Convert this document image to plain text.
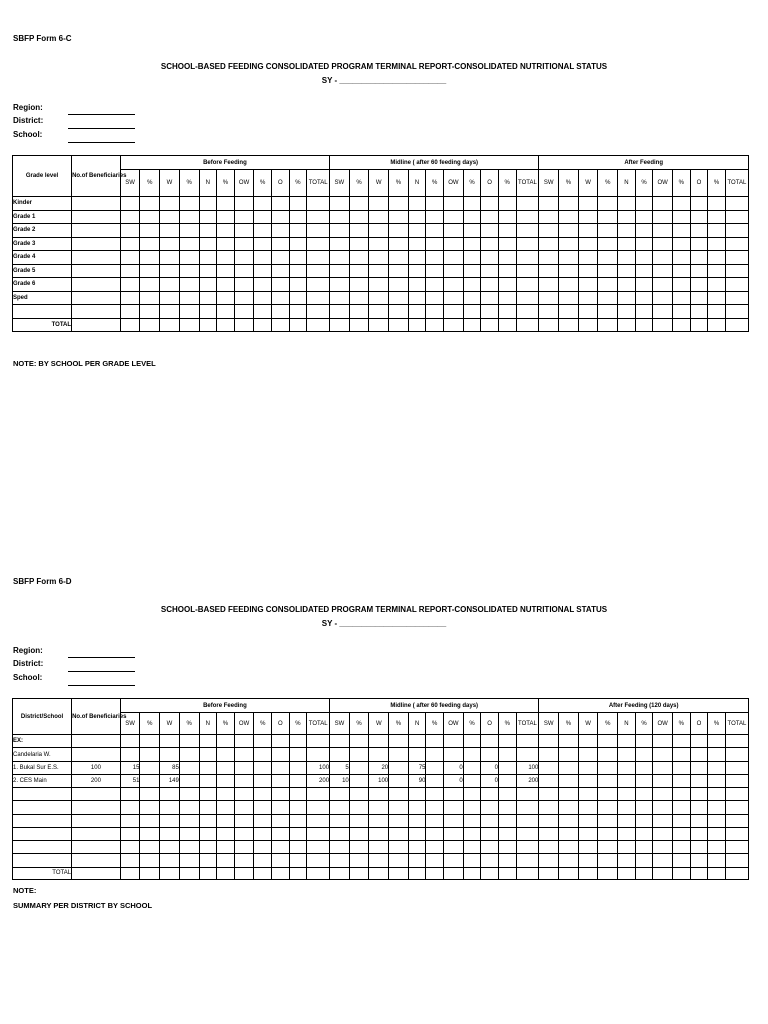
SBFP Form 6-C
SCHOOL-BASED FEEDING CONSOLIDATED PROGRAM TERMINAL REPORT-CONSOLIDATED NUTRITIONAL STATUS
SY - ________________________
Region:
District:
School:
Grade level	No.of Beneficiaries	Before Feeding											Midline ( after 60 feeding days)											After Feeding										
		SW	%	W	%	N	%	OW	%	O	%	TOTAL	SW	%	W	%	N	%	OW	%	O	%	TOTAL	SW	%	W	%	N	%	OW	%	O	%	TOTAL
Kinder																																		
Grade 1																																		
Grade 2																																		
Grade 3																																		
Grade 4																																		
Grade 5																																		
Grade 6																																		
Sped																																		

TOTAL																																		
NOTE: BY SCHOOL PER GRADE LEVEL
SBFP Form 6-D
SCHOOL-BASED FEEDING CONSOLIDATED PROGRAM TERMINAL REPORT-CONSOLIDATED NUTRITIONAL STATUS
SY - ________________________
Region:
District:
School:
District/School	No.of Beneficiaries	Before Feeding											Midline ( after 60 feeding days)											After Feeding (120 days)										
		SW	%	W	%	N	%	OW	%	O	%	TOTAL	SW	%	W	%	N	%	OW	%	O	%	TOTAL	SW	%	W	%	N	%	OW	%	O	%	TOTAL
EX:																																		
Candelaria W.																																		
1. Bukal Sur E.S.	100	15		85								100	5		20		75		0		0		100											
2. CES Main	200	51		149								200	10		100		90		0		0		200											

TOTAL																																		
NOTE:
SUMMARY PER DISTRICT BY SCHOOL
